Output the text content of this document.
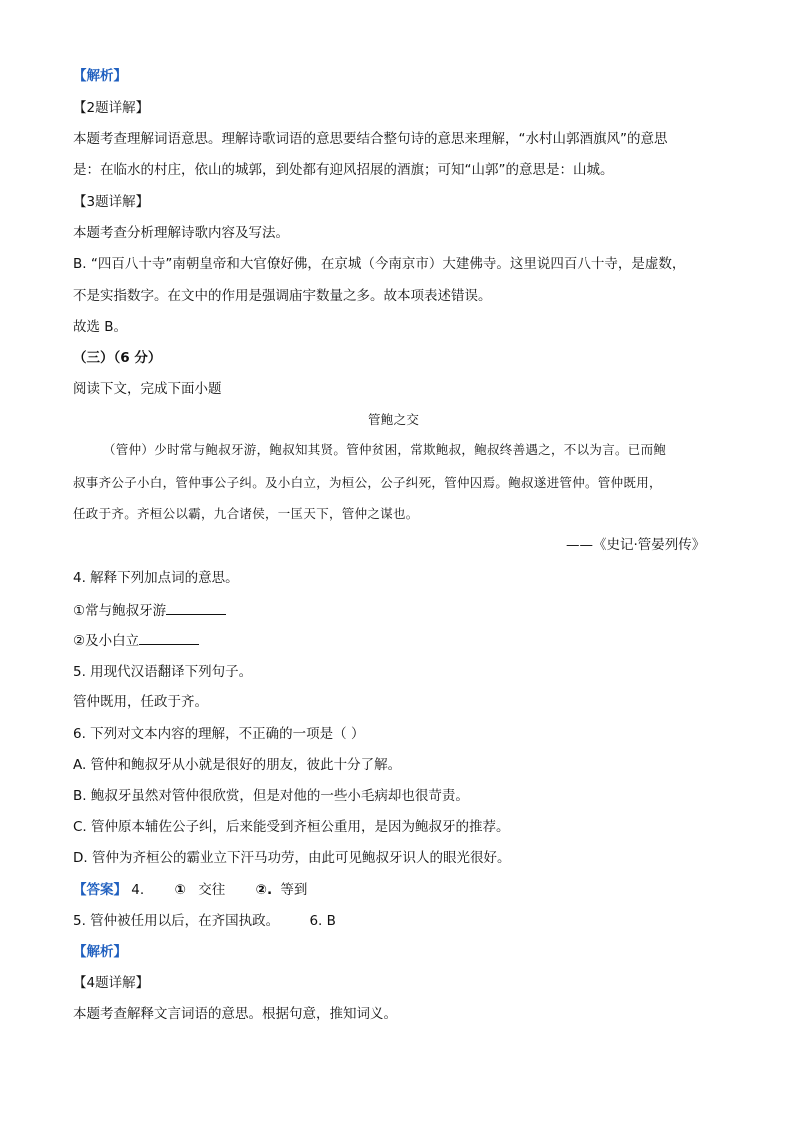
【解析】
【2题详解】
本题考查理解词语意思。理解诗歌词语的意思要结合整句诗的意思来理解，“水村山郭酒旗风”的意思
是：在临水的村庄，依山的城郭，到处都有迎风招展的酒旗；可知“山郭”的意思是：山城。
【3题详解】
本题考查分析理解诗歌内容及写法。
B. “四百八十寺”南朝皇帝和大官僚好佛，在京城（今南京市）大建佛寺。这里说四百八十寺，是虚数，
不是实指数字。在文中的作用是强调庙宇数量之多。故本项表述错误。
故选 B。
（三）（6 分）
阅读下文，完成下面小题
管鲍之交
（管仲）少时常与鲍叔牙游，鲍叔知其贤。管仲贫困，常欺鲍叔，鲍叔终善遇之，不以为言。已而鲍
叔事齐公子小白，管仲事公子纠。及小白立，为桓公，公子纠死，管仲囚焉。鲍叔遂进管仲。管仲既用，
任政于齐。齐桓公以霸，九合诸侯，一匡天下，管仲之谋也。
——《史记·管晏列传》
4. 解释下列加点词的意思。
①常与鲍叔牙游
②及小白立
5. 用现代汉语翻译下列句子。
管仲既用，任政于齐。
6. 下列对文本内容的理解，不正确的一项是（ ）
A. 管仲和鲍叔牙从小就是很好的朋友，彼此十分了解。
B. 鲍叔牙虽然对管仲很欣赏，但是对他的一些小毛病却也很苛责。
C. 管仲原本辅佐公子纠，后来能受到齐桓公重用，是因为鲍叔牙的推荐。
D. 管仲为齐桓公的霸业立下汗马功劳，由此可见鲍叔牙识人的眼光很好。
【答案】 4. ① 交往 ②. 等到
5. 管仲被任用以后，在齐国执政。 6. B
【解析】
【4题详解】
本题考查解释文言词语的意思。根据句意，推知词义。
